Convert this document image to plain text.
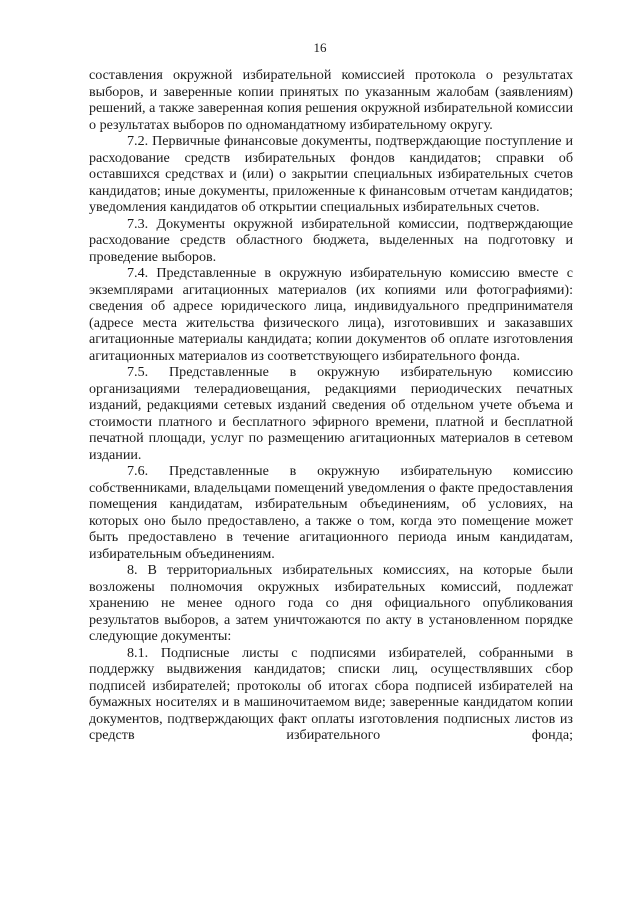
16

составления окружной избирательной комиссией протокола о результатах выборов, и заверенные копии принятых по указанным жалобам (заявлениям) решений, а также заверенная копия решения окружной избирательной комиссии о результатах выборов по одномандатному избирательному округу.

7.2. Первичные финансовые документы, подтверждающие поступление и расходование средств избирательных фондов кандидатов; справки об оставшихся средствах и (или) о закрытии специальных избирательных счетов кандидатов; иные документы, приложенные к финансовым отчетам кандидатов; уведомления кандидатов об открытии специальных избирательных счетов.

7.3. Документы окружной избирательной комиссии, подтверждающие расходование средств областного бюджета, выделенных на подготовку и проведение выборов.

7.4. Представленные в окружную избирательную комиссию вместе с экземплярами агитационных материалов (их копиями или фотографиями): сведения об адресе юридического лица, индивидуального предпринимателя (адресе места жительства физического лица), изготовивших и заказавших агитационные материалы кандидата; копии документов об оплате изготовления агитационных материалов из соответствующего избирательного фонда.

7.5. Представленные в окружную избирательную комиссию организациями телерадиовещания, редакциями периодических печатных изданий, редакциями сетевых изданий сведения об отдельном учете объема и стоимости платного и бесплатного эфирного времени, платной и бесплатной печатной площади, услуг по размещению агитационных материалов в сетевом издании.

7.6. Представленные в окружную избирательную комиссию собственниками, владельцами помещений уведомления о факте предоставления помещения кандидатам, избирательным объединениям, об условиях, на которых оно было предоставлено, а также о том, когда это помещение может быть предоставлено в течение агитационного периода иным кандидатам, избирательным объединениям.

8. В территориальных избирательных комиссиях, на которые были возложены полномочия окружных избирательных комиссий, подлежат хранению не менее одного года со дня официального опубликования результатов выборов, а затем уничтожаются по акту в установленном порядке следующие документы:

8.1. Подписные листы с подписями избирателей, собранными в поддержку выдвижения кандидатов; списки лиц, осуществлявших сбор подписей избирателей; протоколы об итогах сбора подписей избирателей на бумажных носителях и в машиночитаемом виде; заверенные кандидатом копии документов, подтверждающих факт оплаты изготовления подписных листов из средств избирательного фонда;
